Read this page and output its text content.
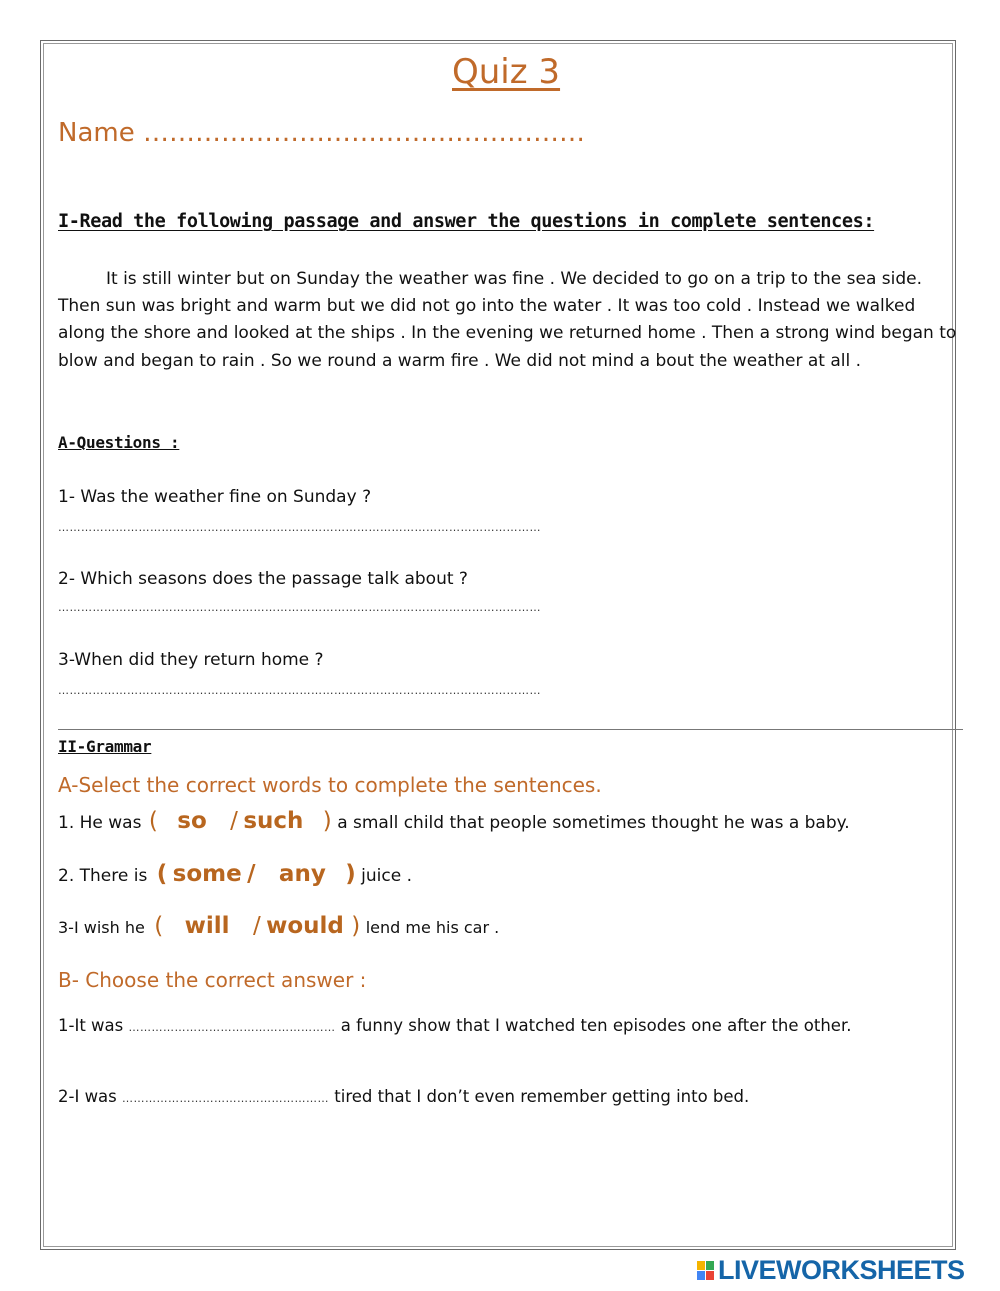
Quiz 3
Name ……………………………………………
I-Read the following passage and answer the questions in complete sentences:

It is still winter but on Sunday the weather was fine . We decided to go on a trip to the sea side. Then sun was bright and warm but we did not go into the water . It was too cold . Instead we walked along the shore and looked at the ships . In the evening we returned home . Then a strong wind began to blow and began to rain . So we round a warm fire . We did not mind a bout the weather at all .

A-Questions :
1- Was the weather fine on Sunday ?
………………………………………………………………………………………………………………
2- Which seasons does the passage talk about ?
………………………………………………………………………………………………………………
3-When did they return home ?
………………………………………………………………………………………………………………
II-Grammar
A-Select the correct words to complete the sentences.
1. He was ( so / such ) a small child that people sometimes thought he was a baby.
2. There is ( some / any ) juice .
3-I wish he ( will / would ) lend me his car .
B- Choose the correct answer :
1-It was ……………………………………………… a funny show that I watched ten episodes one after the other.
2-I was ……………………………………………… tired that I don’t even remember getting into bed.
LIVEWORKSHEETS
